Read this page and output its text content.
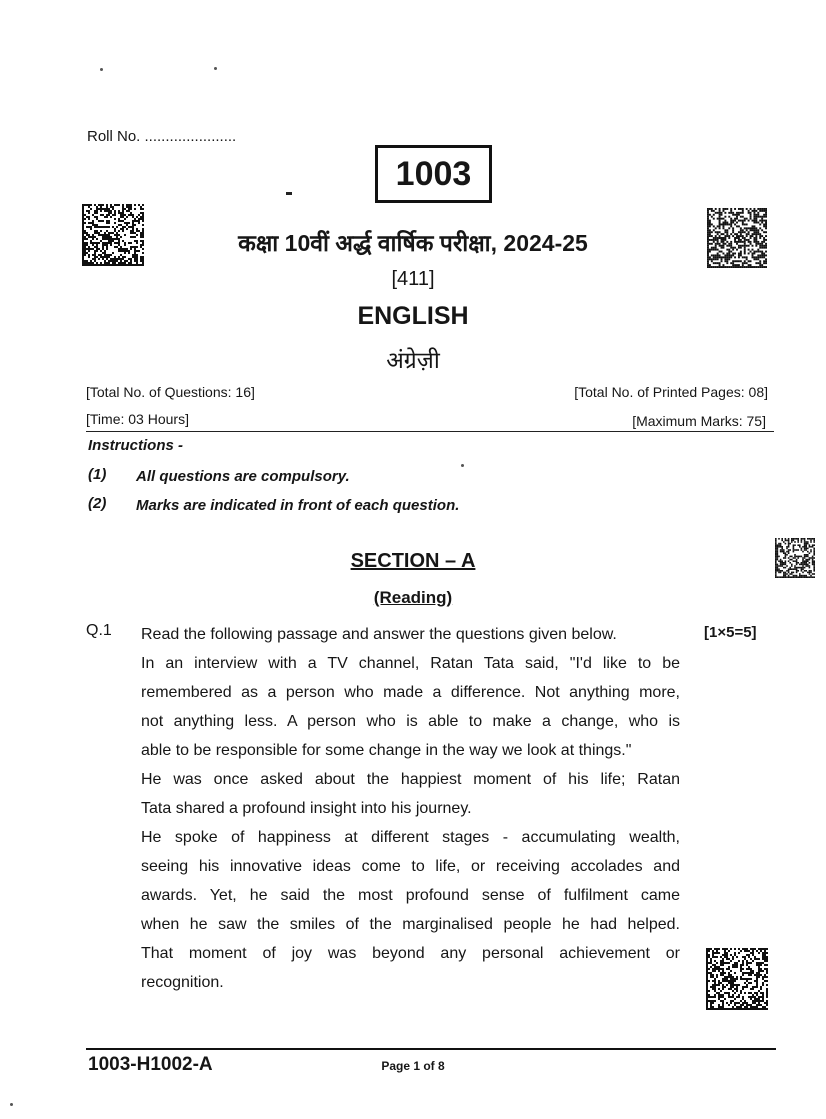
Roll No. ......................
1003
कक्षा 10वीं अर्द्ध वार्षिक परीक्षा, 2024-25
[411]
ENGLISH
अंग्रेज़ी
[Total No. of Questions: 16]	[Total No. of Printed Pages: 08]
[Time: 03 Hours]	[Maximum Marks: 75]
Instructions -
(1) All questions are compulsory.
(2) Marks are indicated in front of each question.
SECTION – A
(Reading)
Q.1	[1×5=5]
Read the following passage and answer the questions given below.
In an interview with a TV channel, Ratan Tata said, "I'd like to be
remembered as a person who made a difference. Not anything more,
not anything less. A person who is able to make a change, who is
able to be responsible for some change in the way we look at things."
He was once asked about the happiest moment of his life; Ratan
Tata shared a profound insight into his journey.
He spoke of happiness at different stages - accumulating wealth,
seeing his innovative ideas come to life, or receiving accolades and
awards. Yet, he said the most profound sense of fulfilment came
when he saw the smiles of the marginalised people he had helped.
That moment of joy was beyond any personal achievement or
recognition.
1003-H1002-A	Page 1 of 8
